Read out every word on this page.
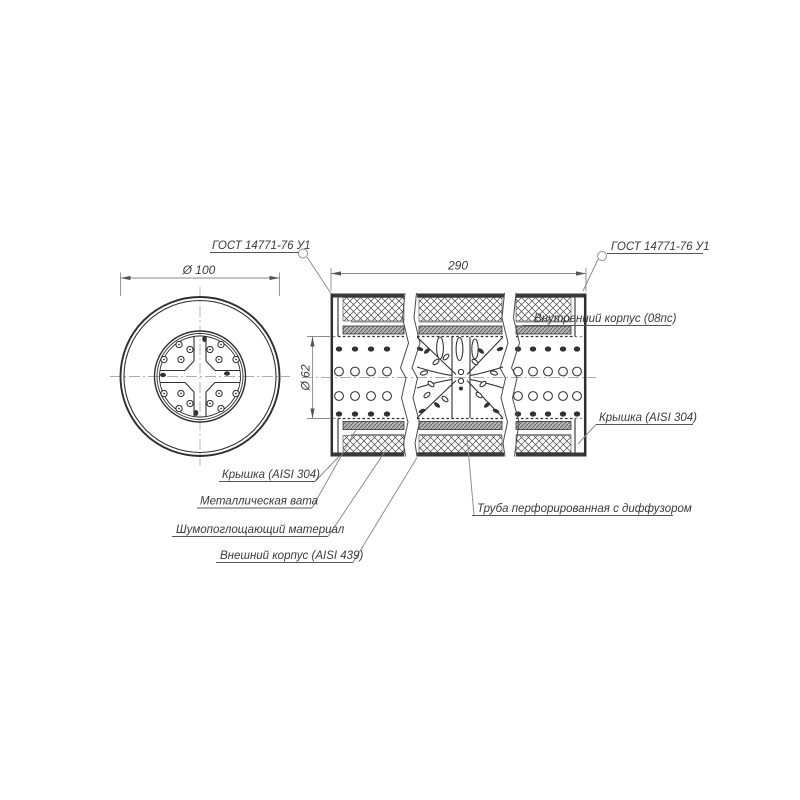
Ø 100	290
Ø 62
ГОСТ 14771-76 У1	ГОСТ 14771-76 У1
Внутренний корпус (08пс)
Крышка (AISI 304)
Крышка (AISI 304)
Металлическая вата
Шумопоглощающий материал
Внешний корпус (AISI 439)
Труба перфорированная с диффузором
